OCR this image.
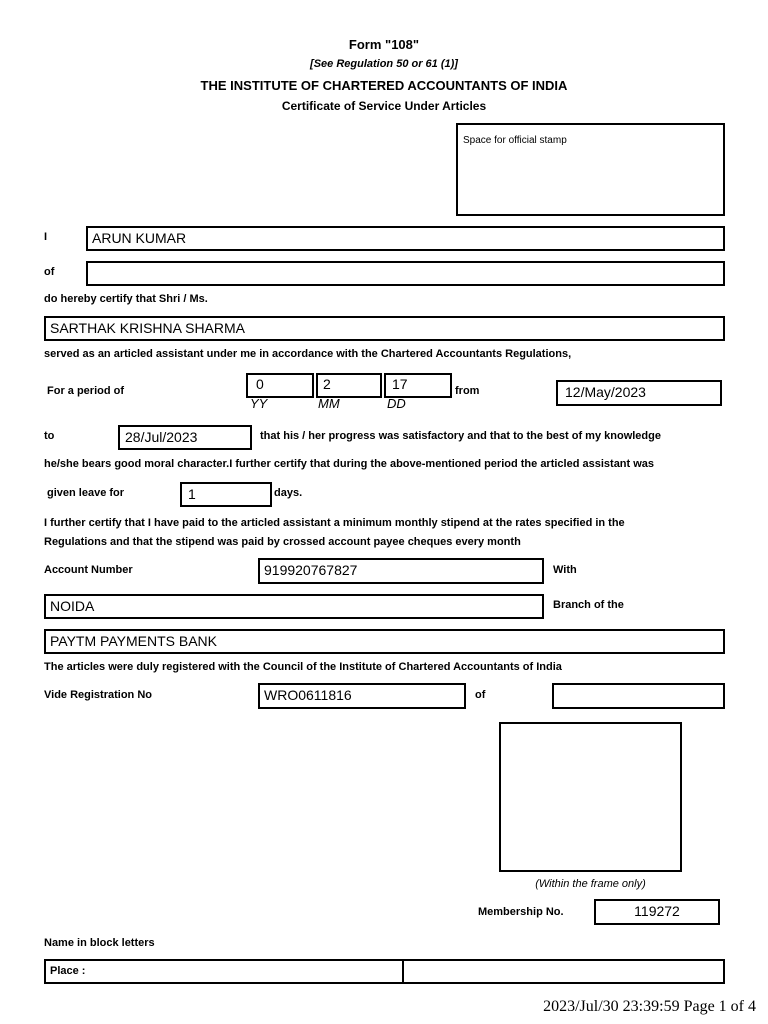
Form "108"
[See Regulation 50 or 61 (1)]
THE INSTITUTE OF CHARTERED ACCOUNTANTS OF INDIA
Certificate of Service Under Articles
Space for official stamp
I	ARUN KUMAR
of
do hereby certify that Shri / Ms.
SARTHAK KRISHNA SHARMA
served as an articled assistant under me in accordance with the Chartered Accountants Regulations,
For a period of	0	2	17
YY	MM	DD
from	12/May/2023
to	28/Jul/2023	that his / her progress was satisfactory and that to the best of my knowledge
he/she bears good moral character.I further certify that during the above-mentioned period the articled assistant was
given leave for	1	days.
I further certify that I have paid to the articled assistant a minimum monthly stipend at the rates specified in the
Regulations and that the stipend was paid by crossed account payee cheques every month
Account Number	919920767827	With
NOIDA	Branch of the
PAYTM PAYMENTS BANK
The articles were duly registered with the Council of the Institute of Chartered Accountants of India
Vide Registration No	WRO0611816	of
(Within the frame only)
Membership No.	119272
Name in block letters
Place :
2023/Jul/30 23:39:59 Page 1 of 4
